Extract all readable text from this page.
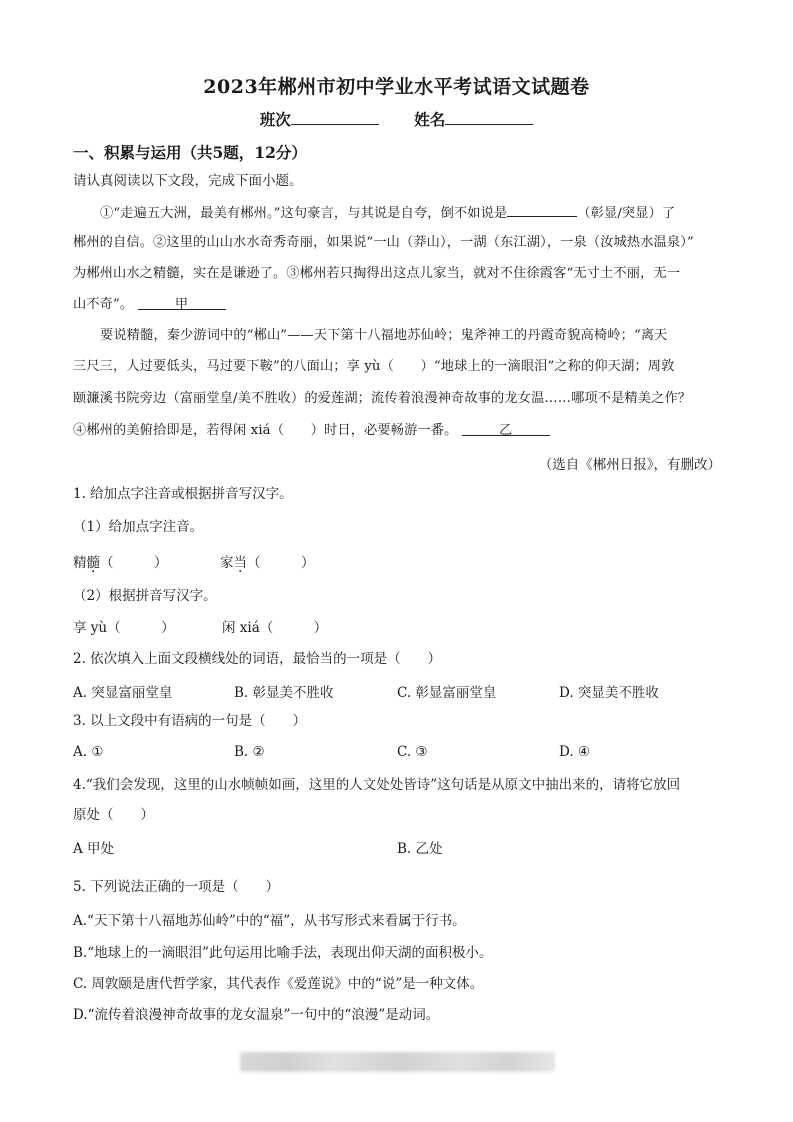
2023年郴州市初中学业水平考试语文试题卷
班次	姓名
一、积累与运用（共5题，12分）
请认真阅读以下文段，完成下面小题。
①“走遍五大洲，最美有郴州。”这句豪言，与其说是自夸，倒不如说是	（彰显/突显）了
郴州的自信。②这里的山山水水奇秀奇丽，如果说“一山（莽山），一湖（东江湖），一泉（汝城热水温泉）”
为郴州山水之精髓，实在是谦逊了。③郴州若只掏得出这点儿家当，就对不住徐霞客“无寸土不丽，无一
山不奇”。	甲
要说精髓，秦少游词中的“郴山”——天下第十八福地苏仙岭；鬼斧神工的丹霞奇貌高椅岭；“离天
三尺三，人过要低头，马过要下鞍”的八面山；享 yù（　　）“地球上的一滴眼泪”之称的仰天湖；周敦
颐濂溪书院旁边（富丽堂皇/美不胜收）的爱莲湖；流传着浪漫神奇故事的龙女温……哪项不是精美之作？
④郴州的美俯拾即是，若得闲 xiá（　　）时日，必要畅游一番。	乙
（选自《郴州日报》，有删改）
1. 给加点字注音或根据拼音写汉字。
（1）给加点字注音。
精髓（　　　）	家当（　　　）
（2）根据拼音写汉字。
享 yù（　　　）	闲 xiá（　　　）
2. 依次填入上面文段横线处的词语，最恰当的一项是（　　）
A. 突显富丽堂皇	B. 彰显美不胜收	C. 彰显富丽堂皇	D. 突显美不胜收
3. 以上文段中有语病的一句是（　　）
A. ①	B. ②	C. ③	D. ④
4.“我们会发现，这里的山水帧帧如画，这里的人文处处皆诗”这句话是从原文中抽出来的，请将它放回
原处（　　）
A 甲处	B. 乙处
5. 下列说法正确的一项是（　　）
A.“天下第十八福地苏仙岭”中的“福”，从书写形式来看属于行书。
B.“地球上的一滴眼泪”此句运用比喻手法，表现出仰天湖的面积极小。
C. 周敦颐是唐代哲学家，其代表作《爱莲说》中的“说”是一种文体。
D.“流传着浪漫神奇故事的龙女温泉”一句中的“浪漫”是动词。
